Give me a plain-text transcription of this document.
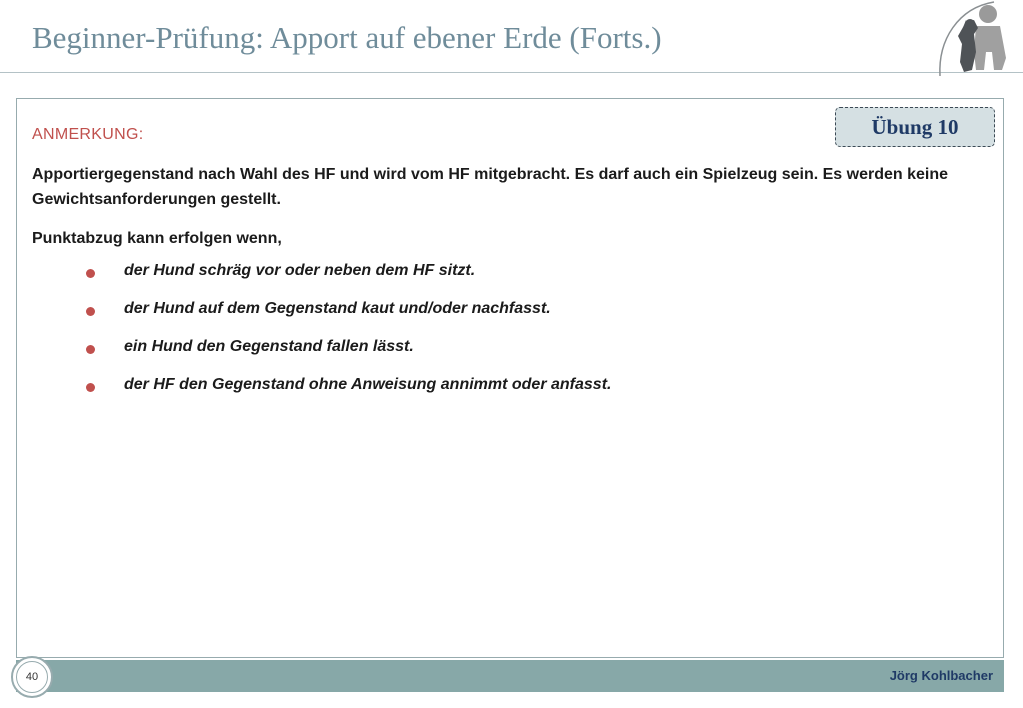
Beginner-Prüfung: Apport auf ebener Erde (Forts.)
Übung 10
ANMERKUNG:
Apportiergegenstand nach Wahl des HF und wird vom HF mitgebracht. Es darf auch ein Spielzeug sein. Es werden keine Gewichtsanforderungen gestellt.
Punktabzug kann erfolgen wenn,
der Hund schräg vor oder neben dem HF sitzt.
der Hund auf dem Gegenstand kaut und/oder nachfasst.
ein Hund den Gegenstand fallen lässt.
der HF den Gegenstand ohne Anweisung annimmt oder anfasst.
Jörg Kohlbacher
40
